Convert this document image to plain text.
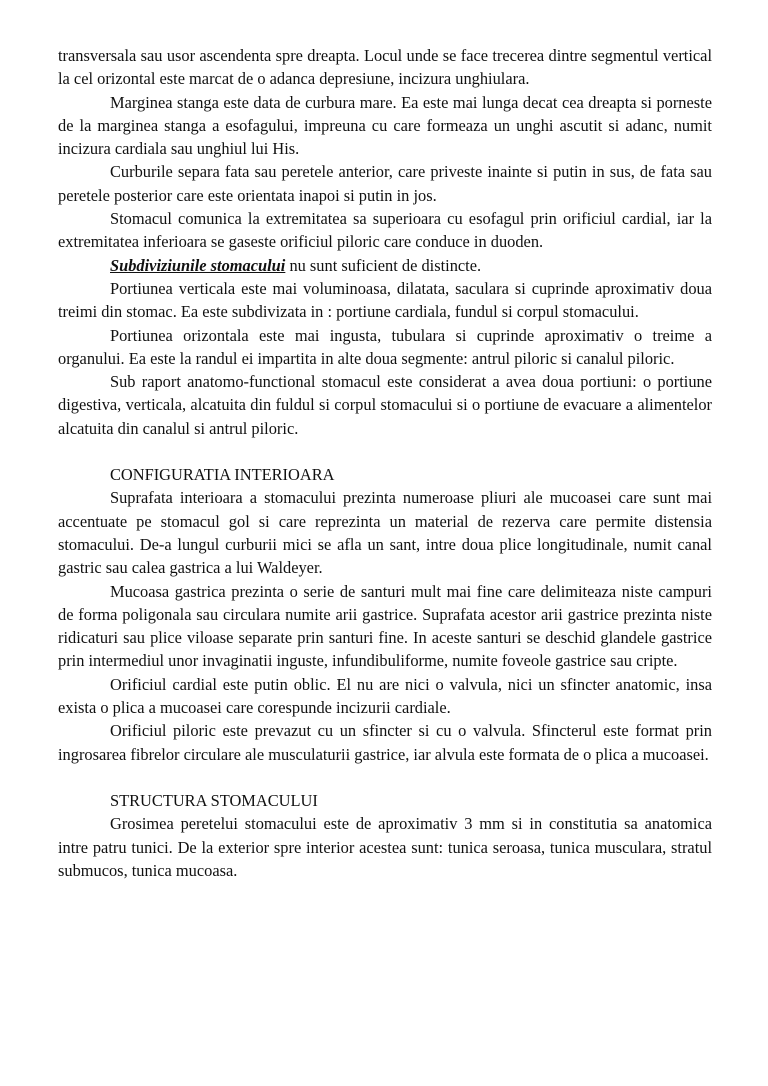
transversala sau usor ascendenta spre dreapta. Locul unde se face trecerea dintre segmentul vertical la cel orizontal este marcat de o adanca depresiune, incizura unghiulara.

Marginea stanga este data de curbura mare. Ea este mai lunga decat cea dreapta si porneste de la marginea stanga a esofagului, impreuna cu care formeaza un unghi ascutit si adanc, numit incizura cardiala sau unghiul lui His.

Curburile separa fata sau peretele anterior, care priveste inainte si putin in sus, de fata sau peretele posterior care este orientata inapoi si putin in jos.

Stomacul comunica la extremitatea sa superioara cu esofagul prin orificiul cardial, iar la extremitatea inferioara se gaseste orificiul piloric care conduce in duoden.

Subdiviziunile stomacului nu sunt suficient de distincte.

Portiunea verticala este mai voluminoasa, dilatata, saculara si cuprinde aproximativ doua treimi din stomac. Ea este subdivizata in : portiune cardiala, fundul si corpul stomacului.

Portiunea orizontala este mai ingusta, tubulara si cuprinde aproximativ o treime a organului. Ea este la randul ei impartita in alte doua segmente: antrul piloric si canalul piloric.

Sub raport anatomo-functional stomacul este considerat a avea doua portiuni: o portiune digestiva, verticala, alcatuita din fuldul si corpul stomacului si o portiune de evacuare a alimentelor alcatuita din canalul si antrul piloric.

CONFIGURATIA INTERIOARA

Suprafata interioara a stomacului prezinta numeroase pliuri ale mucoasei care sunt mai accentuate pe stomacul gol si care reprezinta un material de rezerva care permite distensia stomacului. De-a lungul curburii mici se afla un sant, intre doua plice longitudinale, numit canal gastric sau calea gastrica a lui Waldeyer.

Mucoasa gastrica prezinta o serie de santuri mult mai fine care delimiteaza niste campuri de forma poligonala sau circulara numite arii gastrice. Suprafata acestor arii gastrice prezinta niste ridicaturi sau plice viloase separate prin santuri fine. In aceste santuri se deschid glandele gastrice prin intermediul unor invaginatii inguste, infundibuliforme, numite foveole gastrice sau cripte.

Orificiul cardial este putin oblic. El nu are nici o valvula, nici un sfincter anatomic, insa exista o plica a mucoasei care corespunde incizurii cardiale.

Orificiul piloric este prevazut cu un sfincter si cu o valvula. Sfincterul este format prin ingrosarea fibrelor circulare ale musculaturii gastrice, iar alvula este formata de o plica a mucoasei.

STRUCTURA STOMACULUI

Grosimea peretelui stomacului este de aproximativ 3 mm si in constitutia sa anatomica intre patru tunici. De la exterior spre interior acestea sunt: tunica seroasa, tunica musculara, stratul submucos, tunica mucoasa.
